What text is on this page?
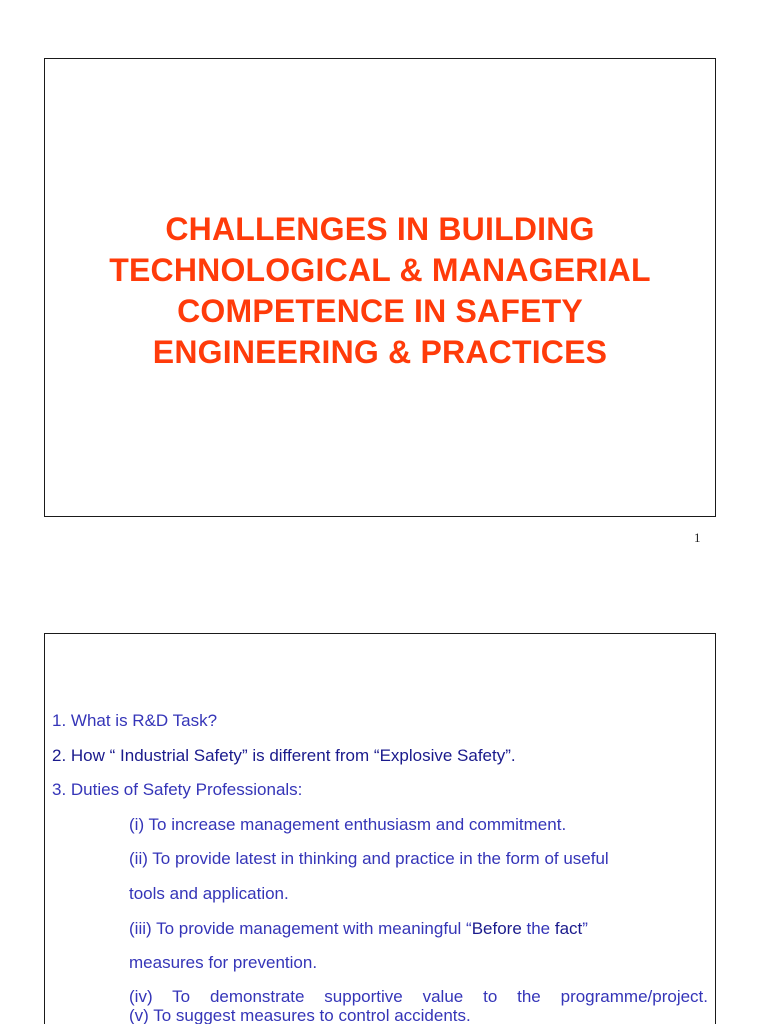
CHALLENGES IN BUILDING
TECHNOLOGICAL & MANAGERIAL
COMPETENCE IN SAFETY
ENGINEERING & PRACTICES
1
1. What is R&D Task?
2. How “ Industrial Safety” is different from “Explosive Safety”.
3. Duties of Safety Professionals:
(i) To increase management enthusiasm and commitment.
(ii) To provide latest in thinking and practice in the form of useful
tools and application.
(iii) To provide management with meaningful “Before the fact”
measures for prevention.
(iv) To demonstrate supportive value to the programme/project.
(v) To suggest measures to control accidents.
